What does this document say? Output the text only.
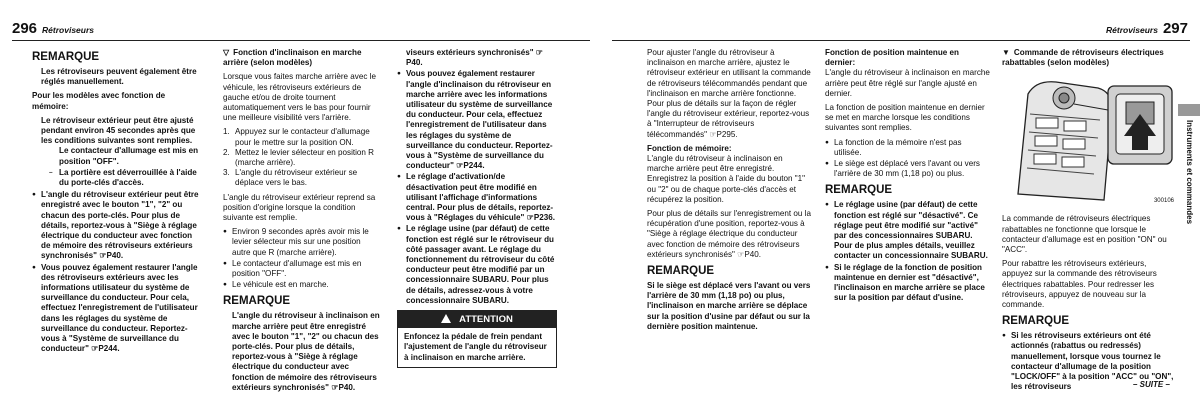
296 Rétroviseurs
REMARQUE
Les rétroviseurs peuvent également être réglés manuellement.

Pour les modèles avec fonction de mémoire:

Le rétroviseur extérieur peut être ajusté pendant environ 45 secondes après que les conditions suivantes sont remplies.
Le contacteur d'allumage est mis en position "OFF".
– La portière est déverrouillée à l'aide du porte-clés d'accès.
● L'angle du rétroviseur extérieur peut être enregistré avec le bouton "1", "2" ou chacun des porte-clés. Pour plus de détails, reportez-vous à "Siège à réglage électrique du conducteur avec fonction de mémoire des rétroviseurs extérieurs synchronisés" ☞P40.
● Vous pouvez également restaurer l'angle des rétroviseurs extérieurs avec les informations utilisateur du système de surveillance du conducteur. Pour cela, effectuez l'enregistrement de l'utilisateur dans les réglages du système de surveillance du conducteur. Reportez-vous à "Système de surveillance du conducteur" ☞P244.

▽ Fonction d'inclinaison en marche arrière (selon modèles)

Lorsque vous faites marche arrière avec le véhicule, les rétroviseurs extérieurs de gauche et/ou de droite tournent automatiquement vers le bas pour fournir une meilleure visibilité vers l'arrière.

1. Appuyez sur le contacteur d'allumage pour le mettre sur la position ON.
2. Mettez le levier sélecteur en position R (marche arrière).
3. L'angle du rétroviseur extérieur se déplace vers le bas.

L'angle du rétroviseur extérieur reprend sa position d'origine lorsque la condition suivante est remplie.

● Environ 9 secondes après avoir mis le levier sélecteur mis sur une position autre que R (marche arrière).
● Le contacteur d'allumage est mis en position "OFF".
● Le véhicule est en marche.
REMARQUE
L'angle du rétroviseur à inclinaison en marche arrière peut être enregistré avec le bouton "1", "2" ou chacun des porte-clés. Pour plus de détails, reportez-vous à "Siège à réglage électrique du conducteur avec fonction de mémoire des rétroviseurs extérieurs synchronisés" ☞P40.
viseurs extérieurs synchronisés" ☞P40.
● Vous pouvez également restaurer l'angle d'inclinaison du rétroviseur en marche arrière avec les informations utilisateur du système de surveillance du conducteur. Pour cela, effectuez l'enregistrement de l'utilisateur dans les réglages du système de surveillance du conducteur. Reportez-vous à "Système de surveillance du conducteur" ☞P244.
● Le réglage d'activation/de désactivation peut être modifié en utilisant l'affichage d'informations central. Pour plus de détails, reportez-vous à "Réglages du véhicule" ☞P236.
● Le réglage usine (par défaut) de cette fonction est réglé sur le rétroviseur du côté passager avant. Le réglage du fonctionnement du rétroviseur du côté conducteur peut être modifié par un concessionnaire SUBARU. Pour plus de détails, adressez-vous à votre concessionnaire SUBARU.
ATTENTION
Enfoncez la pédale de frein pendant l'ajustement de l'angle du rétroviseur à inclinaison en marche arrière.
Rétroviseurs 297

Pour ajuster l'angle du rétroviseur à inclinaison en marche arrière, ajustez le rétroviseur extérieur en utilisant la commande de rétroviseurs télécommandés pendant que l'inclinaison en marche arrière fonctionne. Pour plus de détails sur la façon de régler l'angle du rétroviseur extérieur, reportez-vous à "Interrupteur de rétroviseurs télécommandés" ☞P295.

Fonction de mémoire:

L'angle du rétroviseur à inclinaison en marche arrière peut être enregistré. Enregistrez la position à l'aide du bouton "1" ou "2" ou de chaque porte-clés d'accès et récupérez la position.

Pour plus de détails sur l'enregistrement ou la récupération d'une position, reportez-vous à "Siège à réglage électrique du conducteur avec fonction de mémoire des rétroviseurs extérieurs synchronisés" ☞P40.

REMARQUE

Si le siège est déplacé vers l'avant ou vers l'arrière de 30 mm (1,18 po) ou plus, l'inclinaison en marche arrière se déplace sur la position d'usine par défaut ou sur la dernière position maintenue.

Fonction de position maintenue en dernier:

L'angle du rétroviseur à inclinaison en marche arrière peut être réglé sur l'angle ajusté en dernier.

La fonction de position maintenue en dernier se met en marche lorsque les conditions suivantes sont remplies.

● La fonction de la mémoire n'est pas utilisée.
● Le siège est déplacé vers l'avant ou vers l'arrière de 30 mm (1,18 po) ou plus.
REMARQUE
● Le réglage usine (par défaut) de cette fonction est réglé sur "désactivé". Ce réglage peut être modifié sur "activé" par des concessionnaires SUBARU. Pour de plus amples détails, veuillez contacter un concessionnaire SUBARU.
● Si le réglage de la fonction de position maintenue en dernier est "désactivé", l'inclinaison en marche arrière se place sur la position par défaut d'usine.

▼ Commande de rétroviseurs électriques rabattables (selon modèles)

300106

La commande de rétroviseurs électriques rabattables ne fonctionne que lorsque le contacteur d'allumage est en position "ON" ou "ACC".

Pour rabattre les rétroviseurs extérieurs, appuyez sur la commande des rétroviseurs électriques rabattables. Pour redresser les rétroviseurs, appuyez de nouveau sur la commande.

REMARQUE
● Si les rétroviseurs extérieurs ont été actionnés (rabattus ou redressés) manuellement, lorsque vous tournez le contacteur d'allumage de la position "LOCK/OFF" à la position "ACC" ou "ON", les rétroviseurs
Instruments et commandes
– SUITE –
